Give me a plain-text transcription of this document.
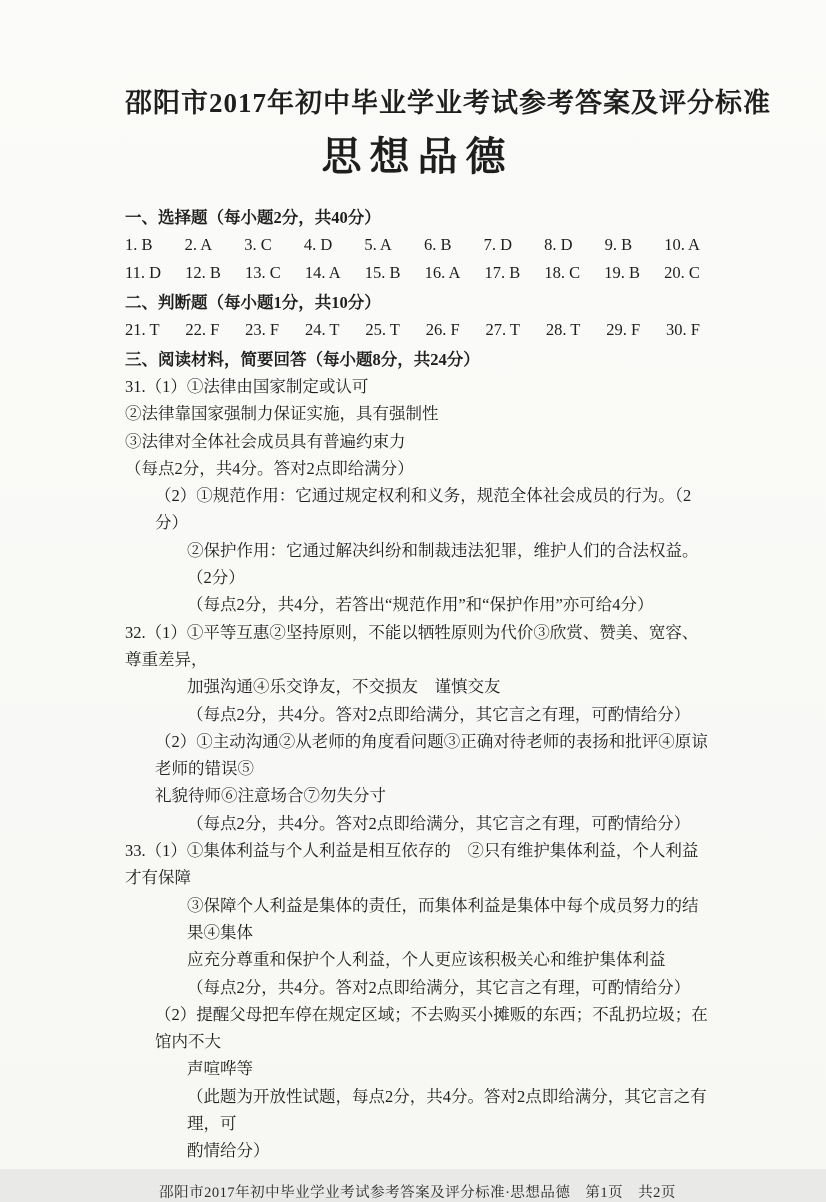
邵阳市2017年初中毕业学业考试参考答案及评分标准
思想品德
一、选择题（每小题2分，共40分）
1. B 2. A 3. C 4. D 5. A 6. B 7. D 8. D 9. B 10. A
11. D 12. B 13. C 14. A 15. B 16. A 17. B 18. C 19. B 20. C
二、判断题（每小题1分，共10分）
21. T 22. F 23. F 24. T 25. T 26. F 27. T 28. T 29. F 30. F
三、阅读材料，简要回答（每小题8分，共24分）
31.（1）①法律由国家制定或认可
②法律靠国家强制力保证实施，具有强制性
③法律对全体社会成员具有普遍约束力
（每点2分，共4分。答对2点即给满分）
（2）①规范作用：它通过规定权利和义务，规范全体社会成员的行为。（2分）
②保护作用：它通过解决纠纷和制裁违法犯罪，维护人们的合法权益。（2分）
（每点2分，共4分，若答出“规范作用”和“保护作用”亦可给4分）
32.（1）①平等互惠②坚持原则，不能以牺牲原则为代价③欣赏、赞美、宽容、尊重差异，
加强沟通④乐交诤友，不交损友　谨慎交友
（每点2分，共4分。答对2点即给满分，其它言之有理，可酌情给分）
（2）①主动沟通②从老师的角度看问题③正确对待老师的表扬和批评④原谅老师的错误⑤
礼貌待师⑥注意场合⑦勿失分寸
（每点2分，共4分。答对2点即给满分，其它言之有理，可酌情给分）
33.（1）①集体利益与个人利益是相互依存的　②只有维护集体利益，个人利益才有保障
③保障个人利益是集体的责任，而集体利益是集体中每个成员努力的结果④集体
应充分尊重和保护个人利益，个人更应该积极关心和维护集体利益
（每点2分，共4分。答对2点即给满分，其它言之有理，可酌情给分）
（2）提醒父母把车停在规定区域；不去购买小摊贩的东西；不乱扔垃圾；在馆内不大
声喧哗等
（此题为开放性试题，每点2分，共4分。答对2点即给满分，其它言之有理，可
酌情给分）
邵阳市2017年初中毕业学业考试参考答案及评分标准·思想品德　第1页　共2页
